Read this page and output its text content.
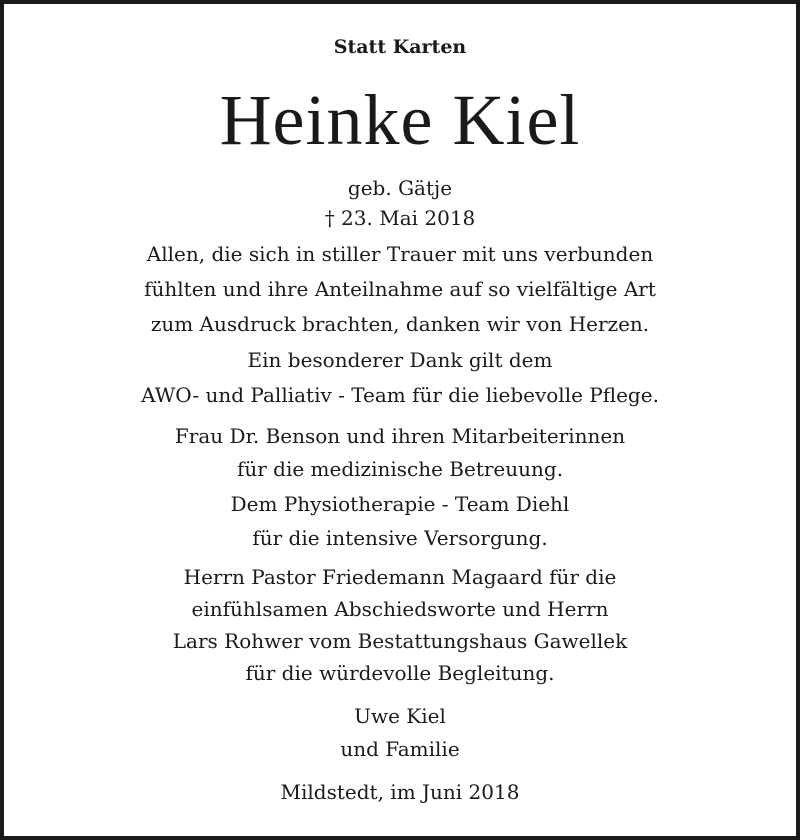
Statt Karten
Heinke Kiel
geb. Gätje
† 23. Mai 2018
Allen, die sich in stiller Trauer mit uns verbunden
fühlten und ihre Anteilnahme auf so vielfältige Art
zum Ausdruck brachten, danken wir von Herzen.
Ein besonderer Dank gilt dem
AWO- und Palliativ - Team für die liebevolle Pflege.
Frau Dr. Benson und ihren Mitarbeiterinnen
für die medizinische Betreuung.
Dem Physiotherapie - Team Diehl
für die intensive Versorgung.
Herrn Pastor Friedemann Magaard für die
einfühlsamen Abschiedsworte und Herrn
Lars Rohwer vom Bestattungshaus Gawellek
für die würdevolle Begleitung.
Uwe Kiel
und Familie
Mildstedt, im Juni 2018
